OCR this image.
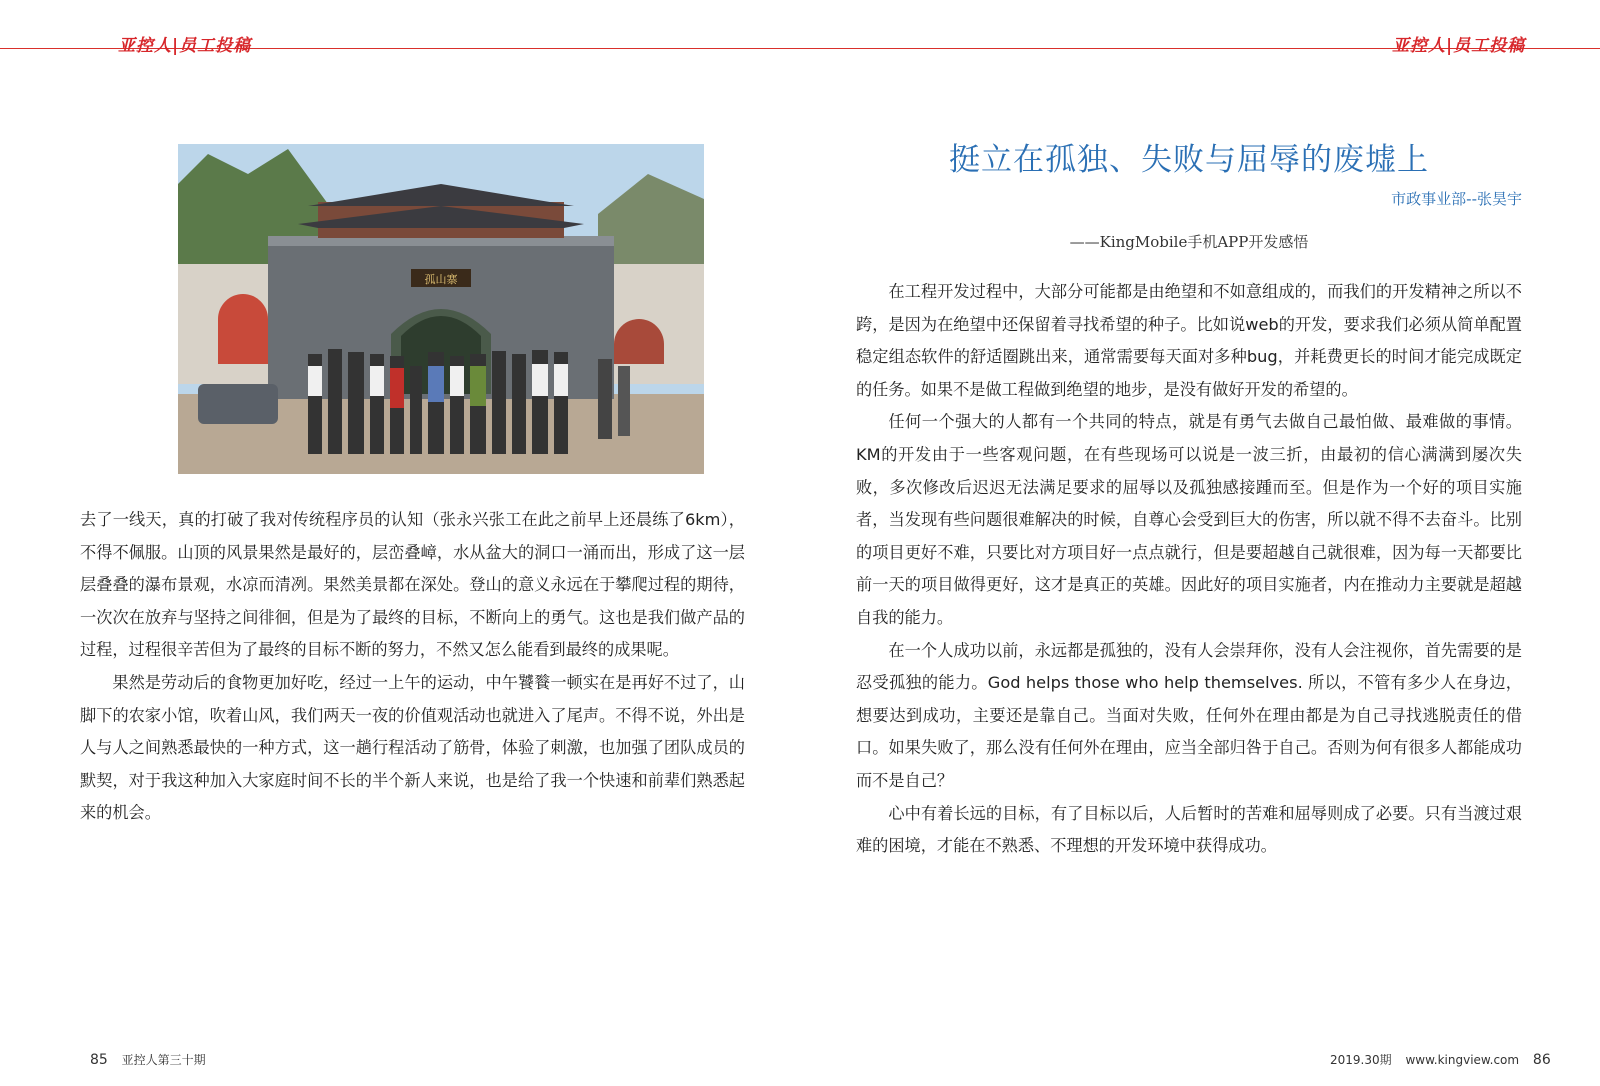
亚控人|员工投稿	亚控人|员工投稿
孤山寨

去了一线天，真的打破了我对传统程序员的认知（张永兴张工在此之前早上还晨练了6km），不得不佩服。山顶的风景果然是最好的，层峦叠嶂，水从盆大的洞口一涌而出，形成了这一层层叠叠的瀑布景观，水凉而清冽。果然美景都在深处。登山的意义永远在于攀爬过程的期待，一次次在放弃与坚持之间徘徊，但是为了最终的目标，不断向上的勇气。这也是我们做产品的过程，过程很辛苦但为了最终的目标不断的努力，不然又怎么能看到最终的成果呢。

果然是劳动后的食物更加好吃，经过一上午的运动，中午饕餮一顿实在是再好不过了，山脚下的农家小馆，吹着山风，我们两天一夜的价值观活动也就进入了尾声。不得不说，外出是人与人之间熟悉最快的一种方式，这一趟行程活动了筋骨，体验了刺激，也加强了团队成员的默契，对于我这种加入大家庭时间不长的半个新人来说，也是给了我一个快速和前辈们熟悉起来的机会。

挺立在孤独、失败与屈辱的废墟上
市政事业部--张昊宇
——KingMobile手机APP开发感悟

在工程开发过程中，大部分可能都是由绝望和不如意组成的，而我们的开发精神之所以不跨，是因为在绝望中还保留着寻找希望的种子。比如说web的开发，要求我们必须从简单配置稳定组态软件的舒适圈跳出来，通常需要每天面对多种bug，并耗费更长的时间才能完成既定的任务。如果不是做工程做到绝望的地步，是没有做好开发的希望的。

任何一个强大的人都有一个共同的特点，就是有勇气去做自己最怕做、最难做的事情。KM的开发由于一些客观问题，在有些现场可以说是一波三折，由最初的信心满满到屡次失败，多次修改后迟迟无法满足要求的屈辱以及孤独感接踵而至。但是作为一个好的项目实施者，当发现有些问题很难解决的时候，自尊心会受到巨大的伤害，所以就不得不去奋斗。比别的项目更好不难，只要比对方项目好一点点就行，但是要超越自己就很难，因为每一天都要比前一天的项目做得更好，这才是真正的英雄。因此好的项目实施者，内在推动力主要就是超越自我的能力。

在一个人成功以前，永远都是孤独的，没有人会崇拜你，没有人会注视你，首先需要的是忍受孤独的能力。God helps those who help themselves. 所以，不管有多少人在身边，想要达到成功，主要还是靠自己。当面对失败，任何外在理由都是为自己寻找逃脱责任的借口。如果失败了，那么没有任何外在理由，应当全部归咎于自己。否则为何有很多人都能成功而不是自己？

心中有着长远的目标，有了目标以后，人后暂时的苦难和屈辱则成了必要。只有当渡过艰难的困境，才能在不熟悉、不理想的开发环境中获得成功。

85 亚控人第三十期	2019.30期 www.kingview.com 86
